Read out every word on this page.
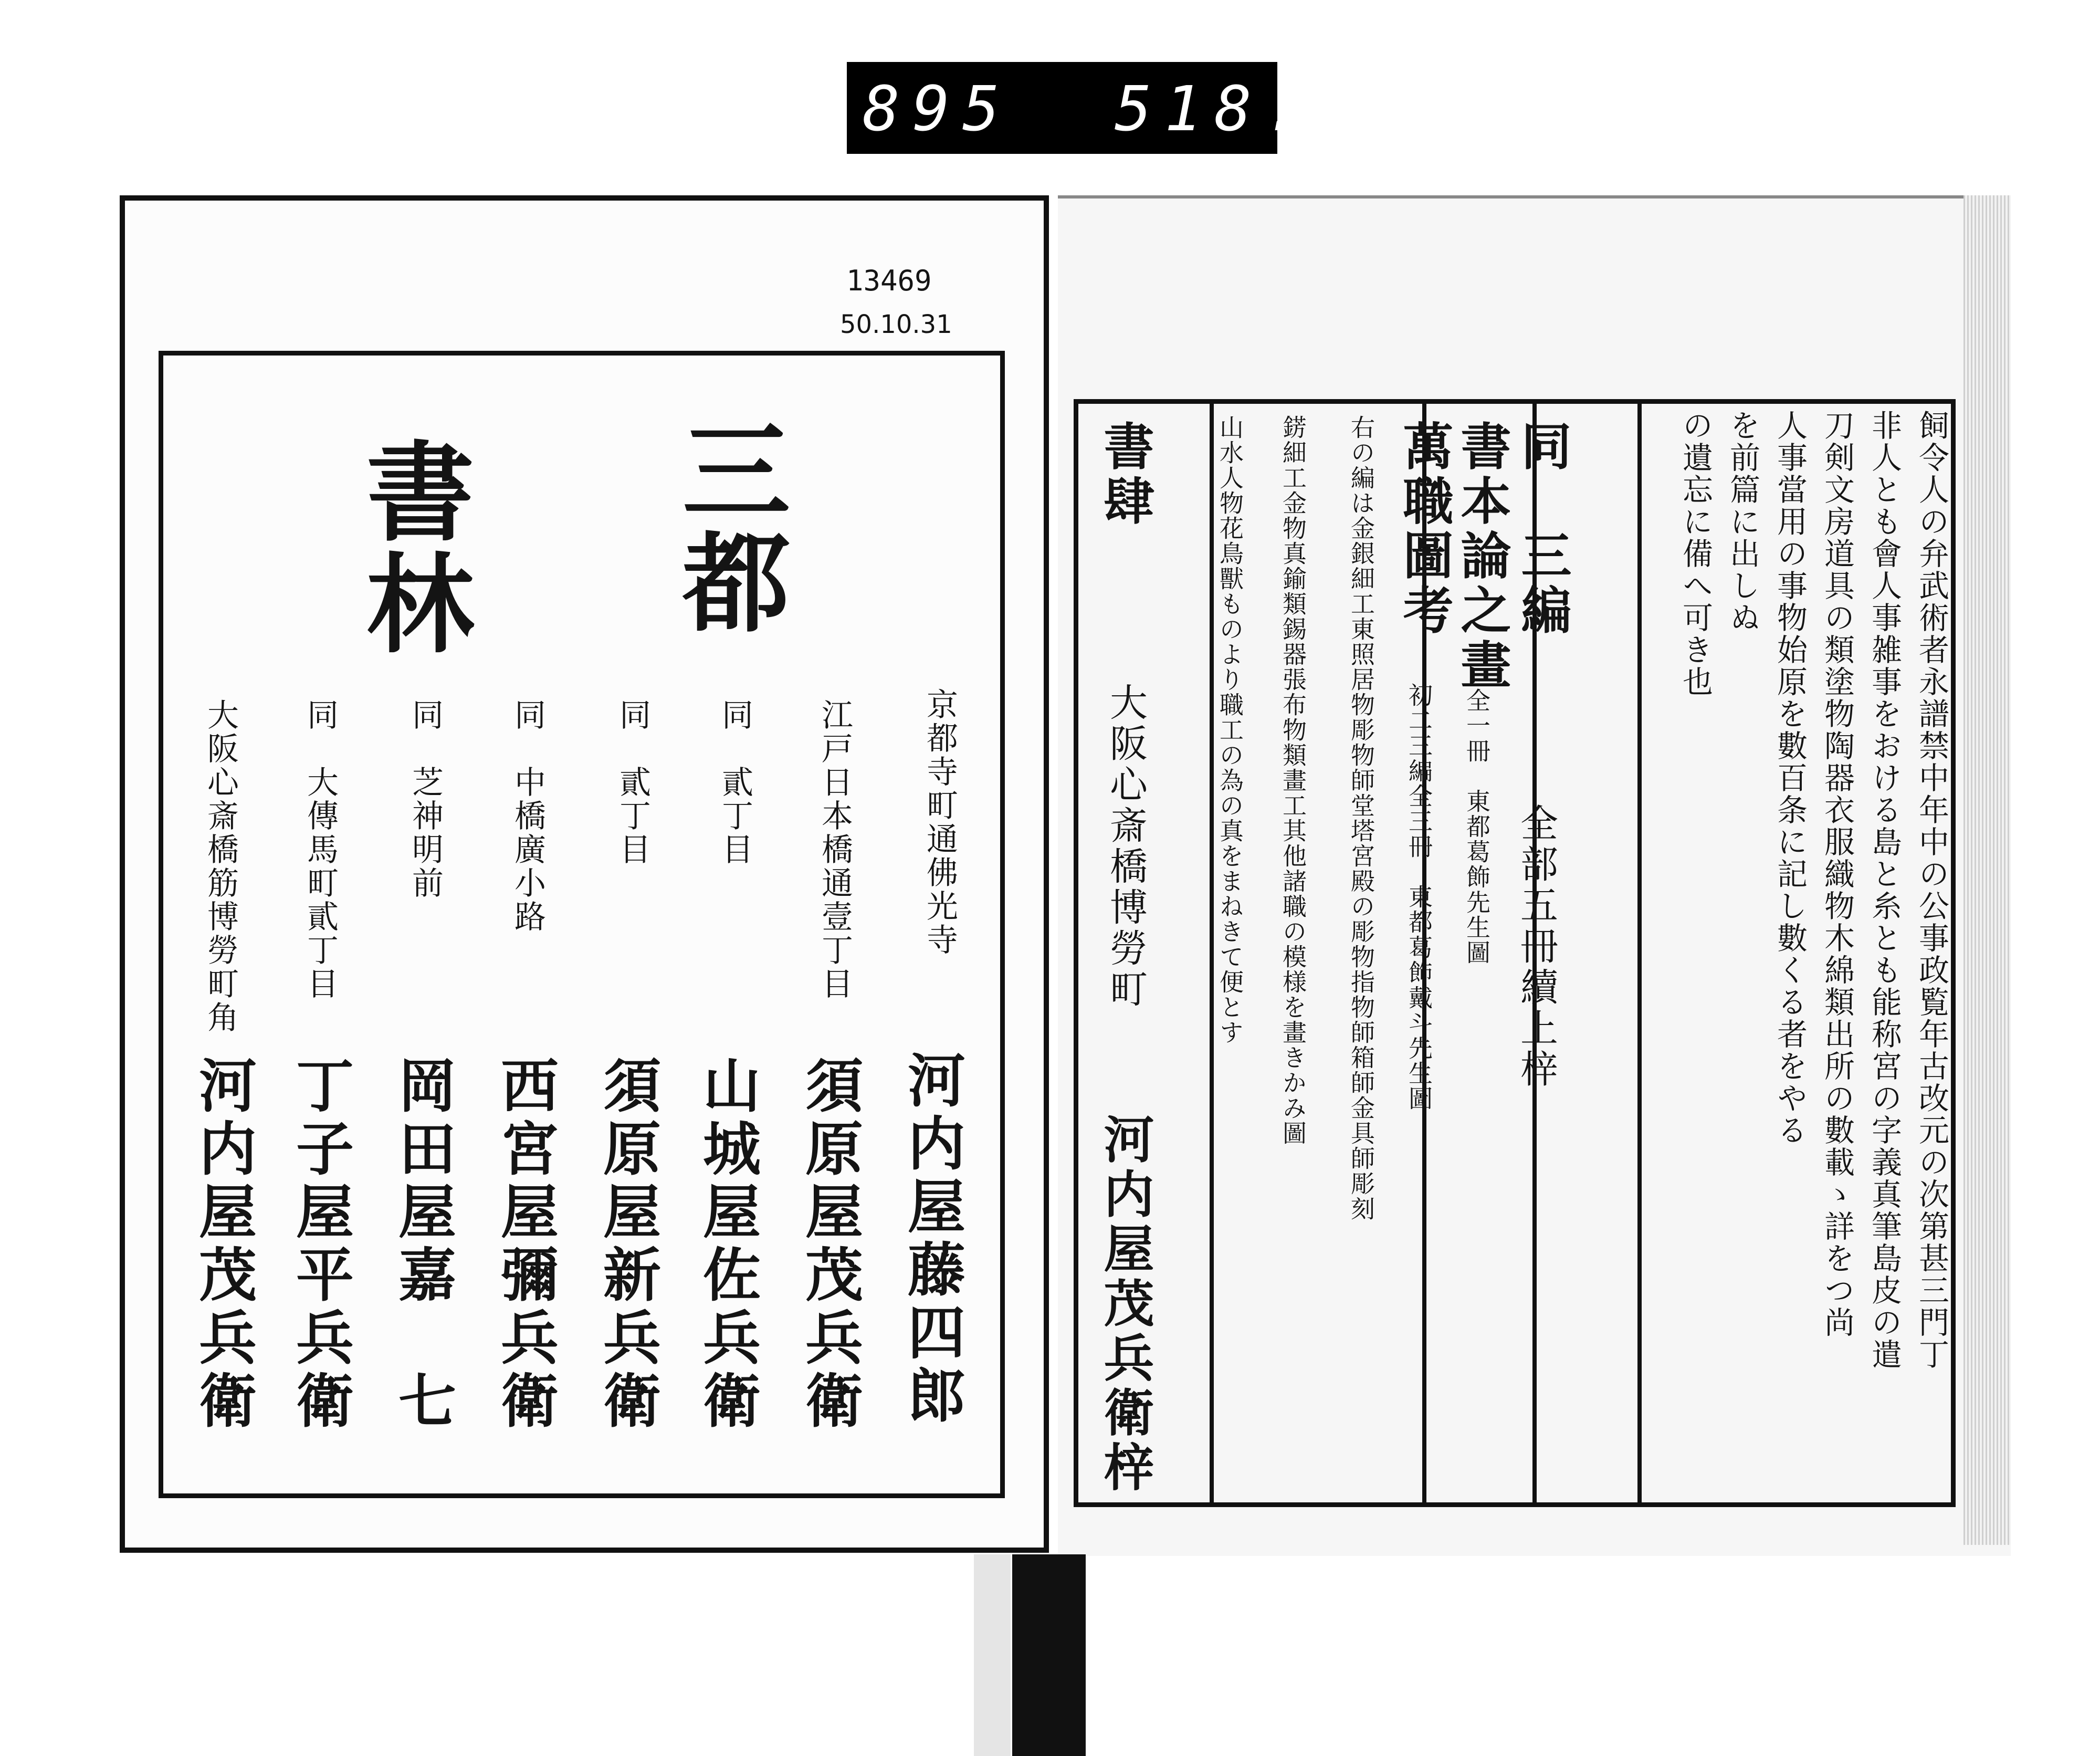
895 518.
13469
50.10.31
三都
書林
京都寺町通佛光寺
江戸日本橋通壹丁目
同　貳丁目
同　貳丁目
同　中橋廣小路
同　芝神明前
同　大傳馬町貳丁目
大阪心斎橋筋博勞町角
河内屋藤四郎
須原屋茂兵衛
山城屋佐兵衛
須原屋新兵衛
西宮屋彌兵衛
岡田屋嘉　七
丁子屋平兵衛
河内屋茂兵衛	飼令人の弁武術者永譜禁中年中の公事政覧年古改元の次第甚三門丁
非人とも會人事雑事をおける島と糸とも能称宮の字義真筆島皮の遣
刀剣文房道具の類塗物陶器衣服織物木綿類出所の數載ゝ詳をつ尚
人事當用の事物始原を數百条に記し數くる者をやる
を前篇に出しぬ
の遺忘に備へ可き也
同　三編
全部五冊續上梓
書本論之畫
全一冊　東都葛飾先生圖
萬職圖考
初二三編全三冊　東都葛飾戴斗先生圖
右の編は金銀細工東照居物彫物師堂塔宮殿の彫物指物師箱師金具師彫刻
錺細工金物真鍮類錫器張布物類畫工其他諸職の模様を畫きかみ圖
山水人物花鳥獸ものより職工の為の真をまねきて便とす
書肆
大阪心斎橋博勞町
河内屋茂兵衛梓
